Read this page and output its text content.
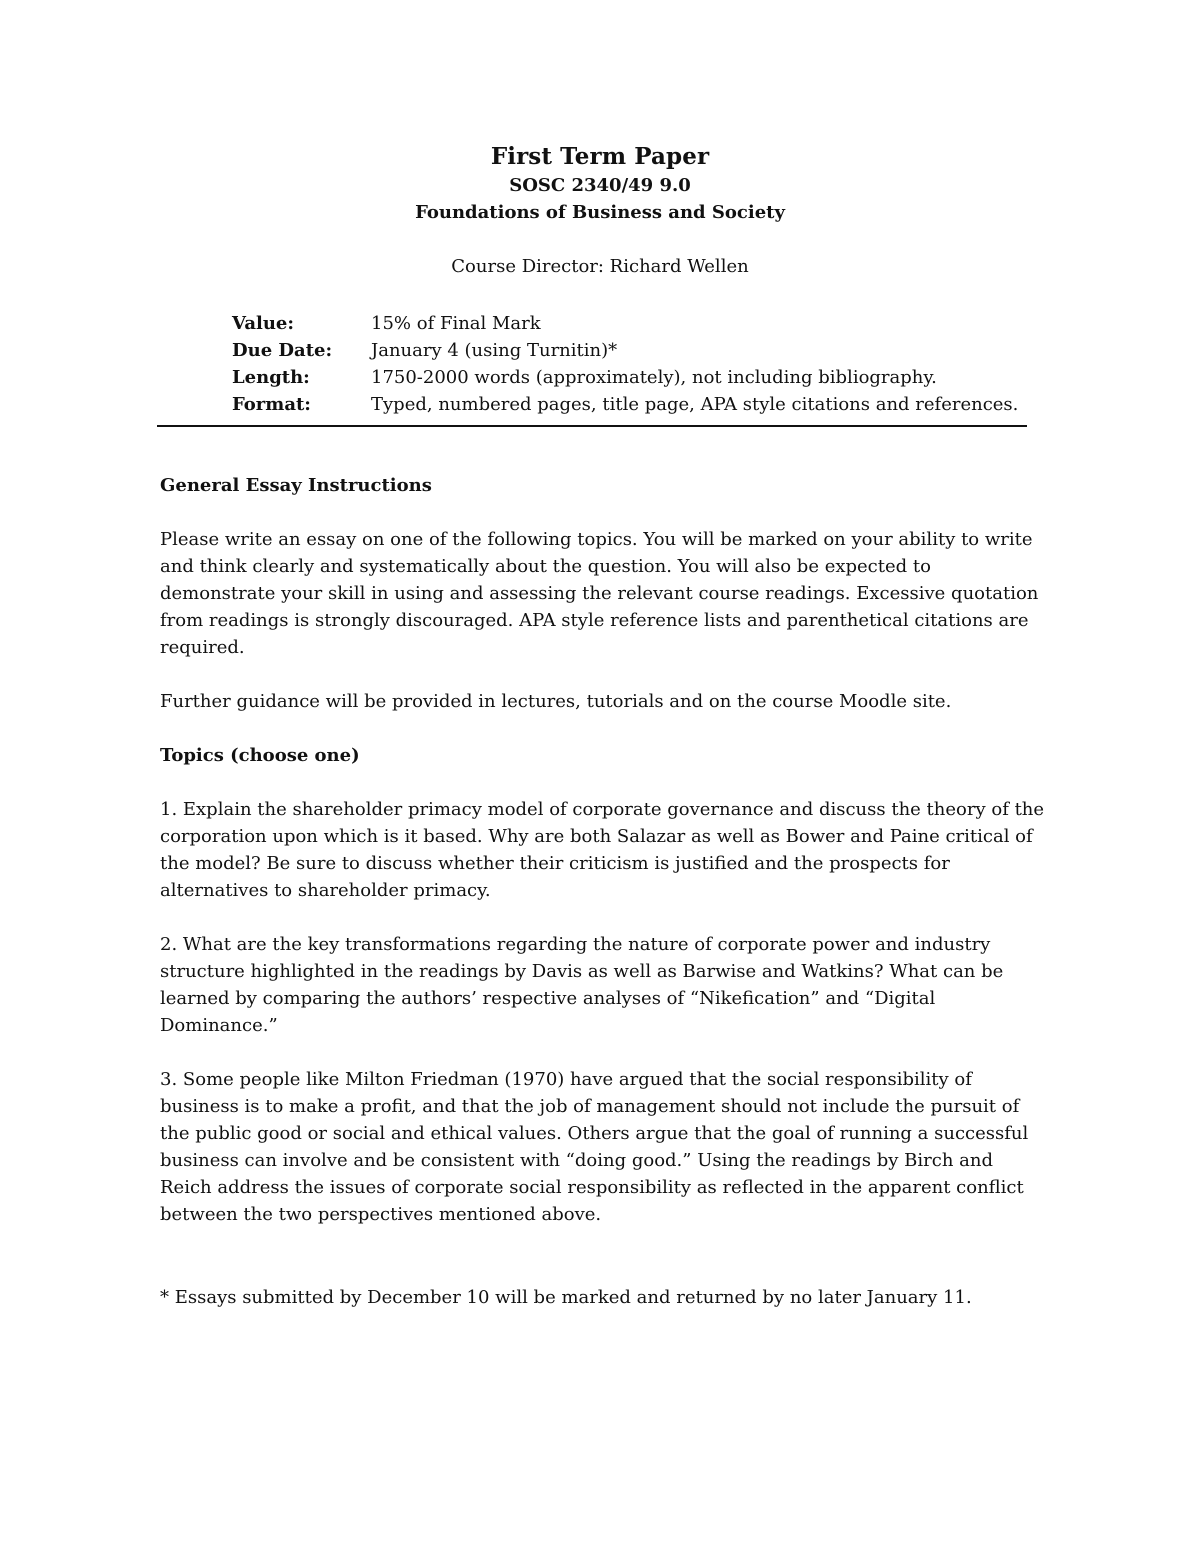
First Term Paper
SOSC 2340/49 9.0
Foundations of Business and Society
Course Director: Richard Wellen
Value:	15% of Final Mark
Due Date: January 4 (using Turnitin)*
Length:	1750-2000 words (approximately), not including bibliography.
Format:	Typed, numbered pages, title page, APA style citations and references.

General Essay Instructions

Please write an essay on one of the following topics. You will be marked on your ability to write and think clearly and systematically about the question. You will also be expected to demonstrate your skill in using and assessing the relevant course readings. Excessive quotation from readings is strongly discouraged. APA style reference lists and parenthetical citations are required.

Further guidance will be provided in lectures, tutorials and on the course Moodle site.

Topics (choose one)

1. Explain the shareholder primacy model of corporate governance and discuss the theory of the corporation upon which is it based. Why are both Salazar as well as Bower and Paine critical of the model? Be sure to discuss whether their criticism is justified and the prospects for alternatives to shareholder primacy.

2. What are the key transformations regarding the nature of corporate power and industry structure highlighted in the readings by Davis as well as Barwise and Watkins? What can be learned by comparing the authors’ respective analyses of “Nikefication” and “Digital Dominance.”

3. Some people like Milton Friedman (1970) have argued that the social responsibility of business is to make a profit, and that the job of management should not include the pursuit of the public good or social and ethical values. Others argue that the goal of running a successful business can involve and be consistent with “doing good.” Using the readings by Birch and Reich address the issues of corporate social responsibility as reflected in the apparent conflict between the two perspectives mentioned above.

* Essays submitted by December 10 will be marked and returned by no later January 11.
